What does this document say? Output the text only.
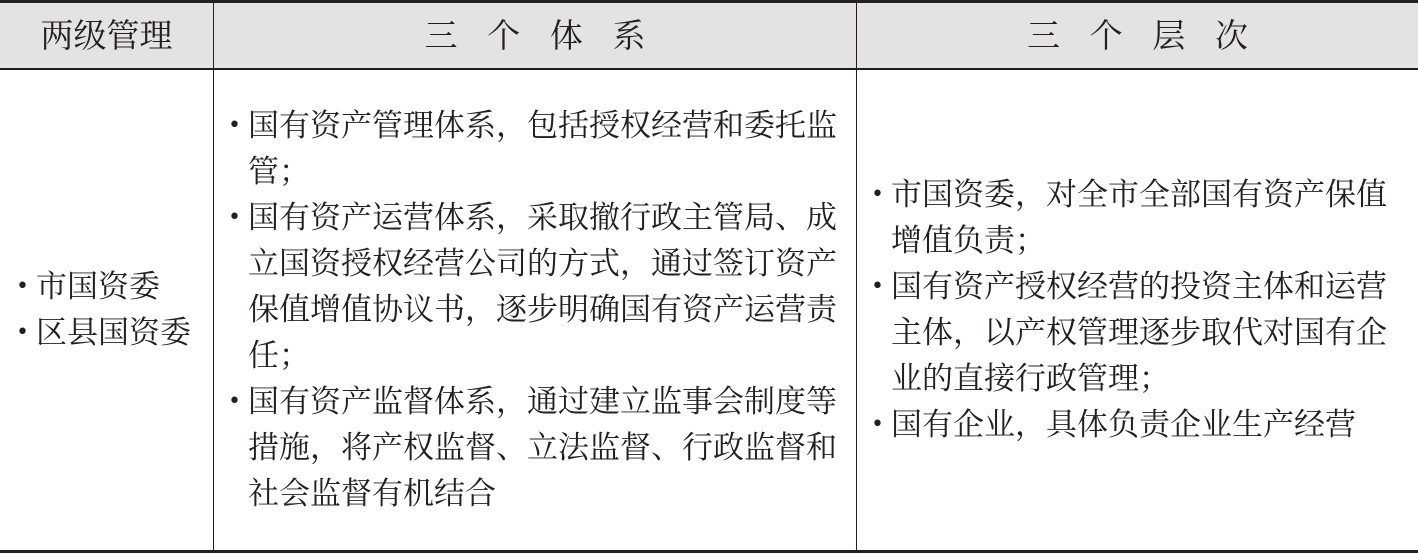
两级管理	三个体系	三个层次
• 市国资委
• 区县国资委
• 国有资产管理体系，包括授权经营和委托监管；
• 国有资产运营体系，采取撤行政主管局、成立国资授权经营公司的方式，通过签订资产保值增值协议书，逐步明确国有资产运营责任；
• 国有资产监督体系，通过建立监事会制度等措施，将产权监督、立法监督、行政监督和社会监督有机结合
• 市国资委，对全市全部国有资产保值增值负责；
• 国有资产授权经营的投资主体和运营主体，以产权管理逐步取代对国有企业的直接行政管理；
• 国有企业，具体负责企业生产经营
